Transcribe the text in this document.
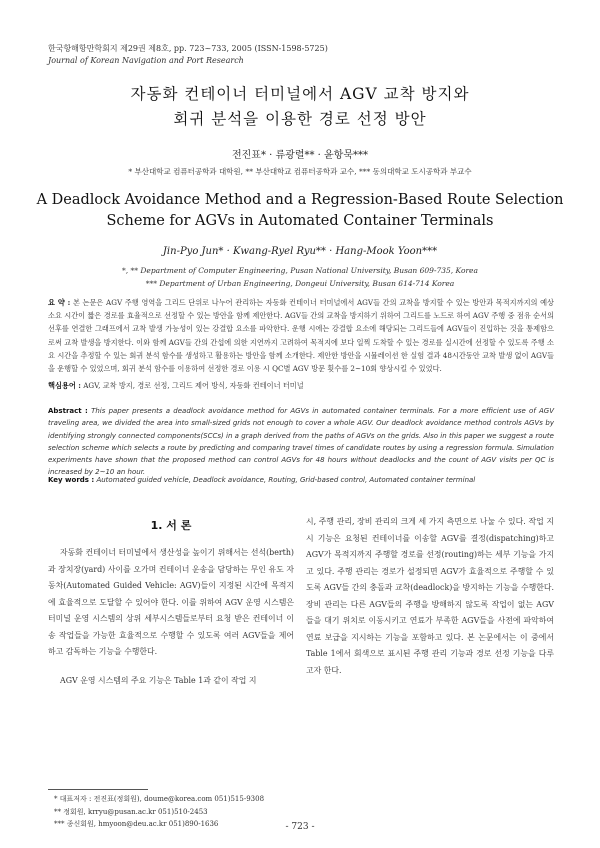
한국항해항만학회지 제29권 제8호, pp. 723~733, 2005 (ISSN-1598-5725)
Journal of Korean Navigation and Port Research
자동화 컨테이너 터미널에서 AGV 교착 방지와
회귀 분석을 이용한 경로 선정 방안
전진표* · 류광렬** · 윤항묵***
* 부산대학교 컴퓨터공학과 대학원, ** 부산대학교 컴퓨터공학과 교수, *** 동의대학교 도시공학과 부교수
A Deadlock Avoidance Method and a Regression-Based Route Selection
Scheme for AGVs in Automated Container Terminals
Jin-Pyo Jun* · Kwang-Ryel Ryu** · Hang-Mook Yoon***
*, ** Department of Computer Engineering, Pusan National University, Busan 609-735, Korea
*** Department of Urban Engineering, Dongeui University, Busan 614-714 Korea
요 약 : 본 논문은 AGV 주행 영역을 그리드 단위로 나누어 관리하는 자동화 컨테이너 터미널에서 AGV들 간의 교착을 방지할 수 있는 방안과 목적지까지의 예상 소요 시간이 짧은 경로를 효율적으로 선정할 수 있는 방안을 함께 제안한다. AGV들 간의 교착을 방지하기 위하여 그리드를 노드로 하여 AGV 주행 중 점유 순서의 선후를 연결한 그래프에서 교착 발생 가능성이 있는 강결합 요소를 파악한다. 운행 시에는 강결합 요소에 해당되는 그리드들에 AGV들이 진입하는 것을 통제함으로써 교착 발생을 방지한다. 이와 함께 AGV들 간의 간섭에 의한 지연까지 고려하여 목적지에 보다 일찍 도착할 수 있는 경로를 실시간에 선정할 수 있도록 주행 소요 시간을 추정할 수 있는 회귀 분석 함수를 생성하고 활용하는 방안을 함께 소개한다. 제안한 방안을 시뮬레이션 한 실험 결과 48시간동안 교착 발생 없이 AGV들을 운행할 수 있었으며, 회귀 분석 함수를 이용하여 선정한 경로 이용 시 QC별 AGV 방문 횟수를 2~10회 향상시킬 수 있었다.
핵심용어 : AGV, 교착 방지, 경로 선정, 그리드 제어 방식, 자동화 컨테이너 터미널
Abstract : This paper presents a deadlock avoidance method for AGVs in automated container terminals. For a more efficient use of AGV traveling area, we divided the area into small-sized grids not enough to cover a whole AGV. Our deadlock avoidance method controls AGVs by identifying strongly connected components(SCCs) in a graph derived from the paths of AGVs on the grids. Also in this paper we suggest a route selection scheme which selects a route by predicting and comparing travel times of candidate routes by using a regression formula. Simulation experiments have shown that the proposed method can control AGVs for 48 hours without deadlocks and the count of AGV visits per QC is increased by 2~10 an hour.
Key words : Automated guided vehicle, Deadlock avoidance, Routing, Grid-based control, Automated container terminal
1. 서 론

자동화 컨테이너 터미널에서 생산성을 높이기 위해서는 선석(berth)과 장치장(yard) 사이를 오가며 컨테이너 운송을 담당하는 무인 유도 자동차(Automated Guided Vehicle: AGV)들이 지정된 시간에 목적지에 효율적으로 도달할 수 있어야 한다. 이를 위하여 AGV 운영 시스템은 터미널 운영 시스템의 상위 세부시스템들로부터 요청 받은 컨테이너 이송 작업들을 가능한 효율적으로 수행할 수 있도록 여러 AGV들을 제어하고 감독하는 기능을 수행한다.

AGV 운영 시스템의 주요 기능은 Table 1과 같이 작업 지

시, 주행 관리, 장비 관리의 크게 세 가지 측면으로 나눌 수 있다. 작업 지시 기능은 요청된 컨테이너를 이송할 AGV를 결정(dispatching)하고 AGV가 목적지까지 주행할 경로를 선정(routing)하는 세부 기능을 가지고 있다. 주행 관리는 경로가 설정되면 AGV가 효율적으로 주행할 수 있도록 AGV들 간의 충돌과 교착(deadlock)을 방지하는 기능을 수행한다. 장비 관리는 다른 AGV들의 주행을 방해하지 않도록 작업이 없는 AGV들을 대기 위치로 이동시키고 연료가 부족한 AGV들을 사전에 파악하여 연료 보급을 지시하는 기능을 포함하고 있다. 본 논문에서는 이 중에서 Table 1에서 회색으로 표시된 주행 관리 기능과 경로 선정 기능을 다루고자 한다.

* 대표저자 : 전진표(정회원), doume@korea.com 051)515-9308
** 정회원, krryu@pusan.ac.kr 051)510-2453
*** 종신회원, hmyoon@deu.ac.kr 051)890-1636	- 723 -
